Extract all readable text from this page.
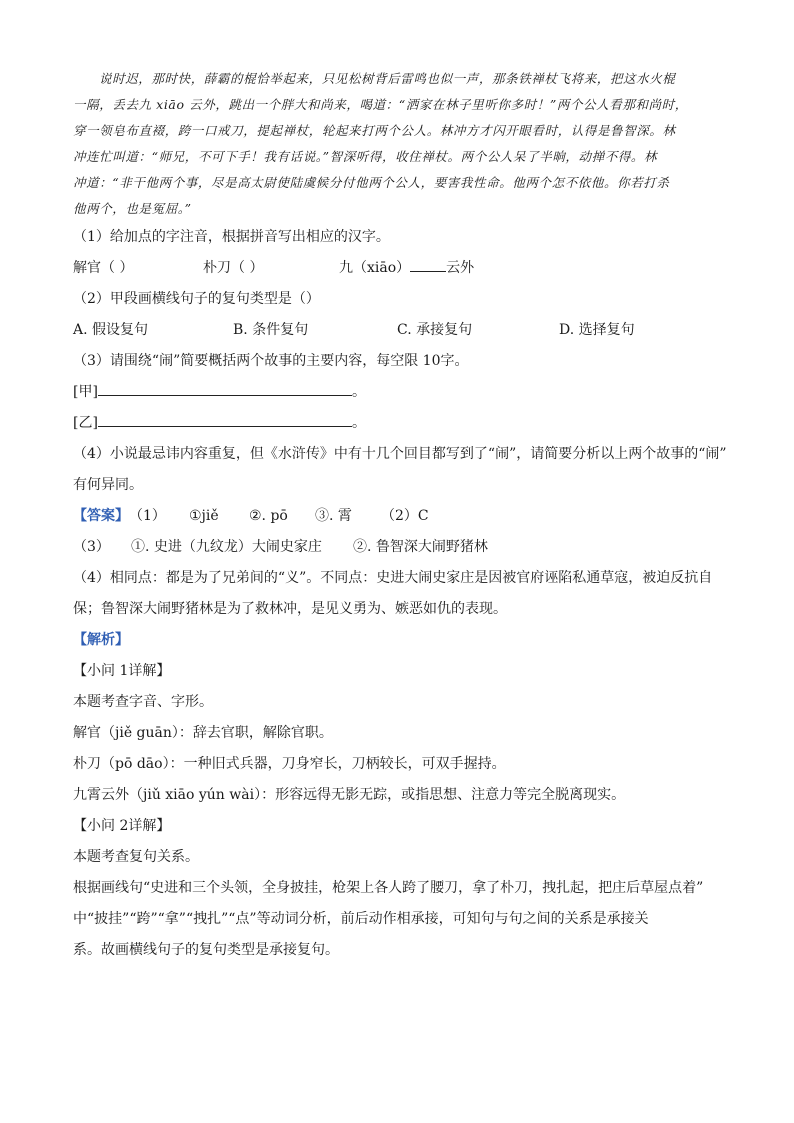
说时迟，那时快，薛霸的棍恰举起来，只见松树背后雷鸣也似一声，那条铁禅杖飞将来，把这水火棍

一隔，丢去九 xiāo 云外，跳出一个胖大和尚来，喝道：“洒家在林子里听你多时！”两个公人看那和尚时，

穿一领皂布直裰，跨一口戒刀，提起禅杖，轮起来打两个公人。林冲方才闪开眼看时，认得是鲁智深。林

冲连忙叫道：“师兄，不可下手！我有话说。”智深听得，收住禅杖。两个公人呆了半晌，动掸不得。林

冲道：“非干他两个事，尽是高太尉使陆虞候分付他两个公人，要害我性命。他两个怎不依他。你若打杀

他两个，也是冤屈。”

（1）给加点的字注音，根据拼音写出相应的汉字。
解官（ ）	朴刀（ ）	九（xiāo）	云外
（2）甲段画横线句子的复句类型是（）
A. 假设复句	B. 条件复句	C. 承接复句	D. 选择复句
（3）请围绕“闹”简要概括两个故事的主要内容，每空限 10字。
[甲]	。
[乙]	。
（4）小说最忌讳内容重复，但《水浒传》中有十几个回目都写到了“闹”，请简要分析以上两个故事的“闹”
有何异同。
【答案】 （1）	①jiě	②. pō	③. 霄	（2）C
（3）	①. 史进（九纹龙）大闹史家庄	②. 鲁智深大闹野猪林
（4）相同点：都是为了兄弟间的“义”。不同点：史进大闹史家庄是因被官府诬陷私通草寇，被迫反抗自
保；鲁智深大闹野猪林是为了救林冲，是见义勇为、嫉恶如仇的表现。
【解析】
【小问 1详解】
本题考查字音、字形。
解官（jiě guān）：辞去官职，解除官职。
朴刀（pō dāo）：一种旧式兵器，刀身窄长，刀柄较长，可双手握持。
九霄云外（jiǔ xiāo yún wài）：形容远得无影无踪，或指思想、注意力等完全脱离现实。
【小问 2详解】
本题考查复句关系。
根据画线句“史进和三个头领，全身披挂，枪架上各人跨了腰刀，拿了朴刀，拽扎起，把庄后草屋点着”
中“披挂”“跨”“拿”“拽扎”“点”等动词分析，前后动作相承接，可知句与句之间的关系是承接关
系。故画横线句子的复句类型是承接复句。
